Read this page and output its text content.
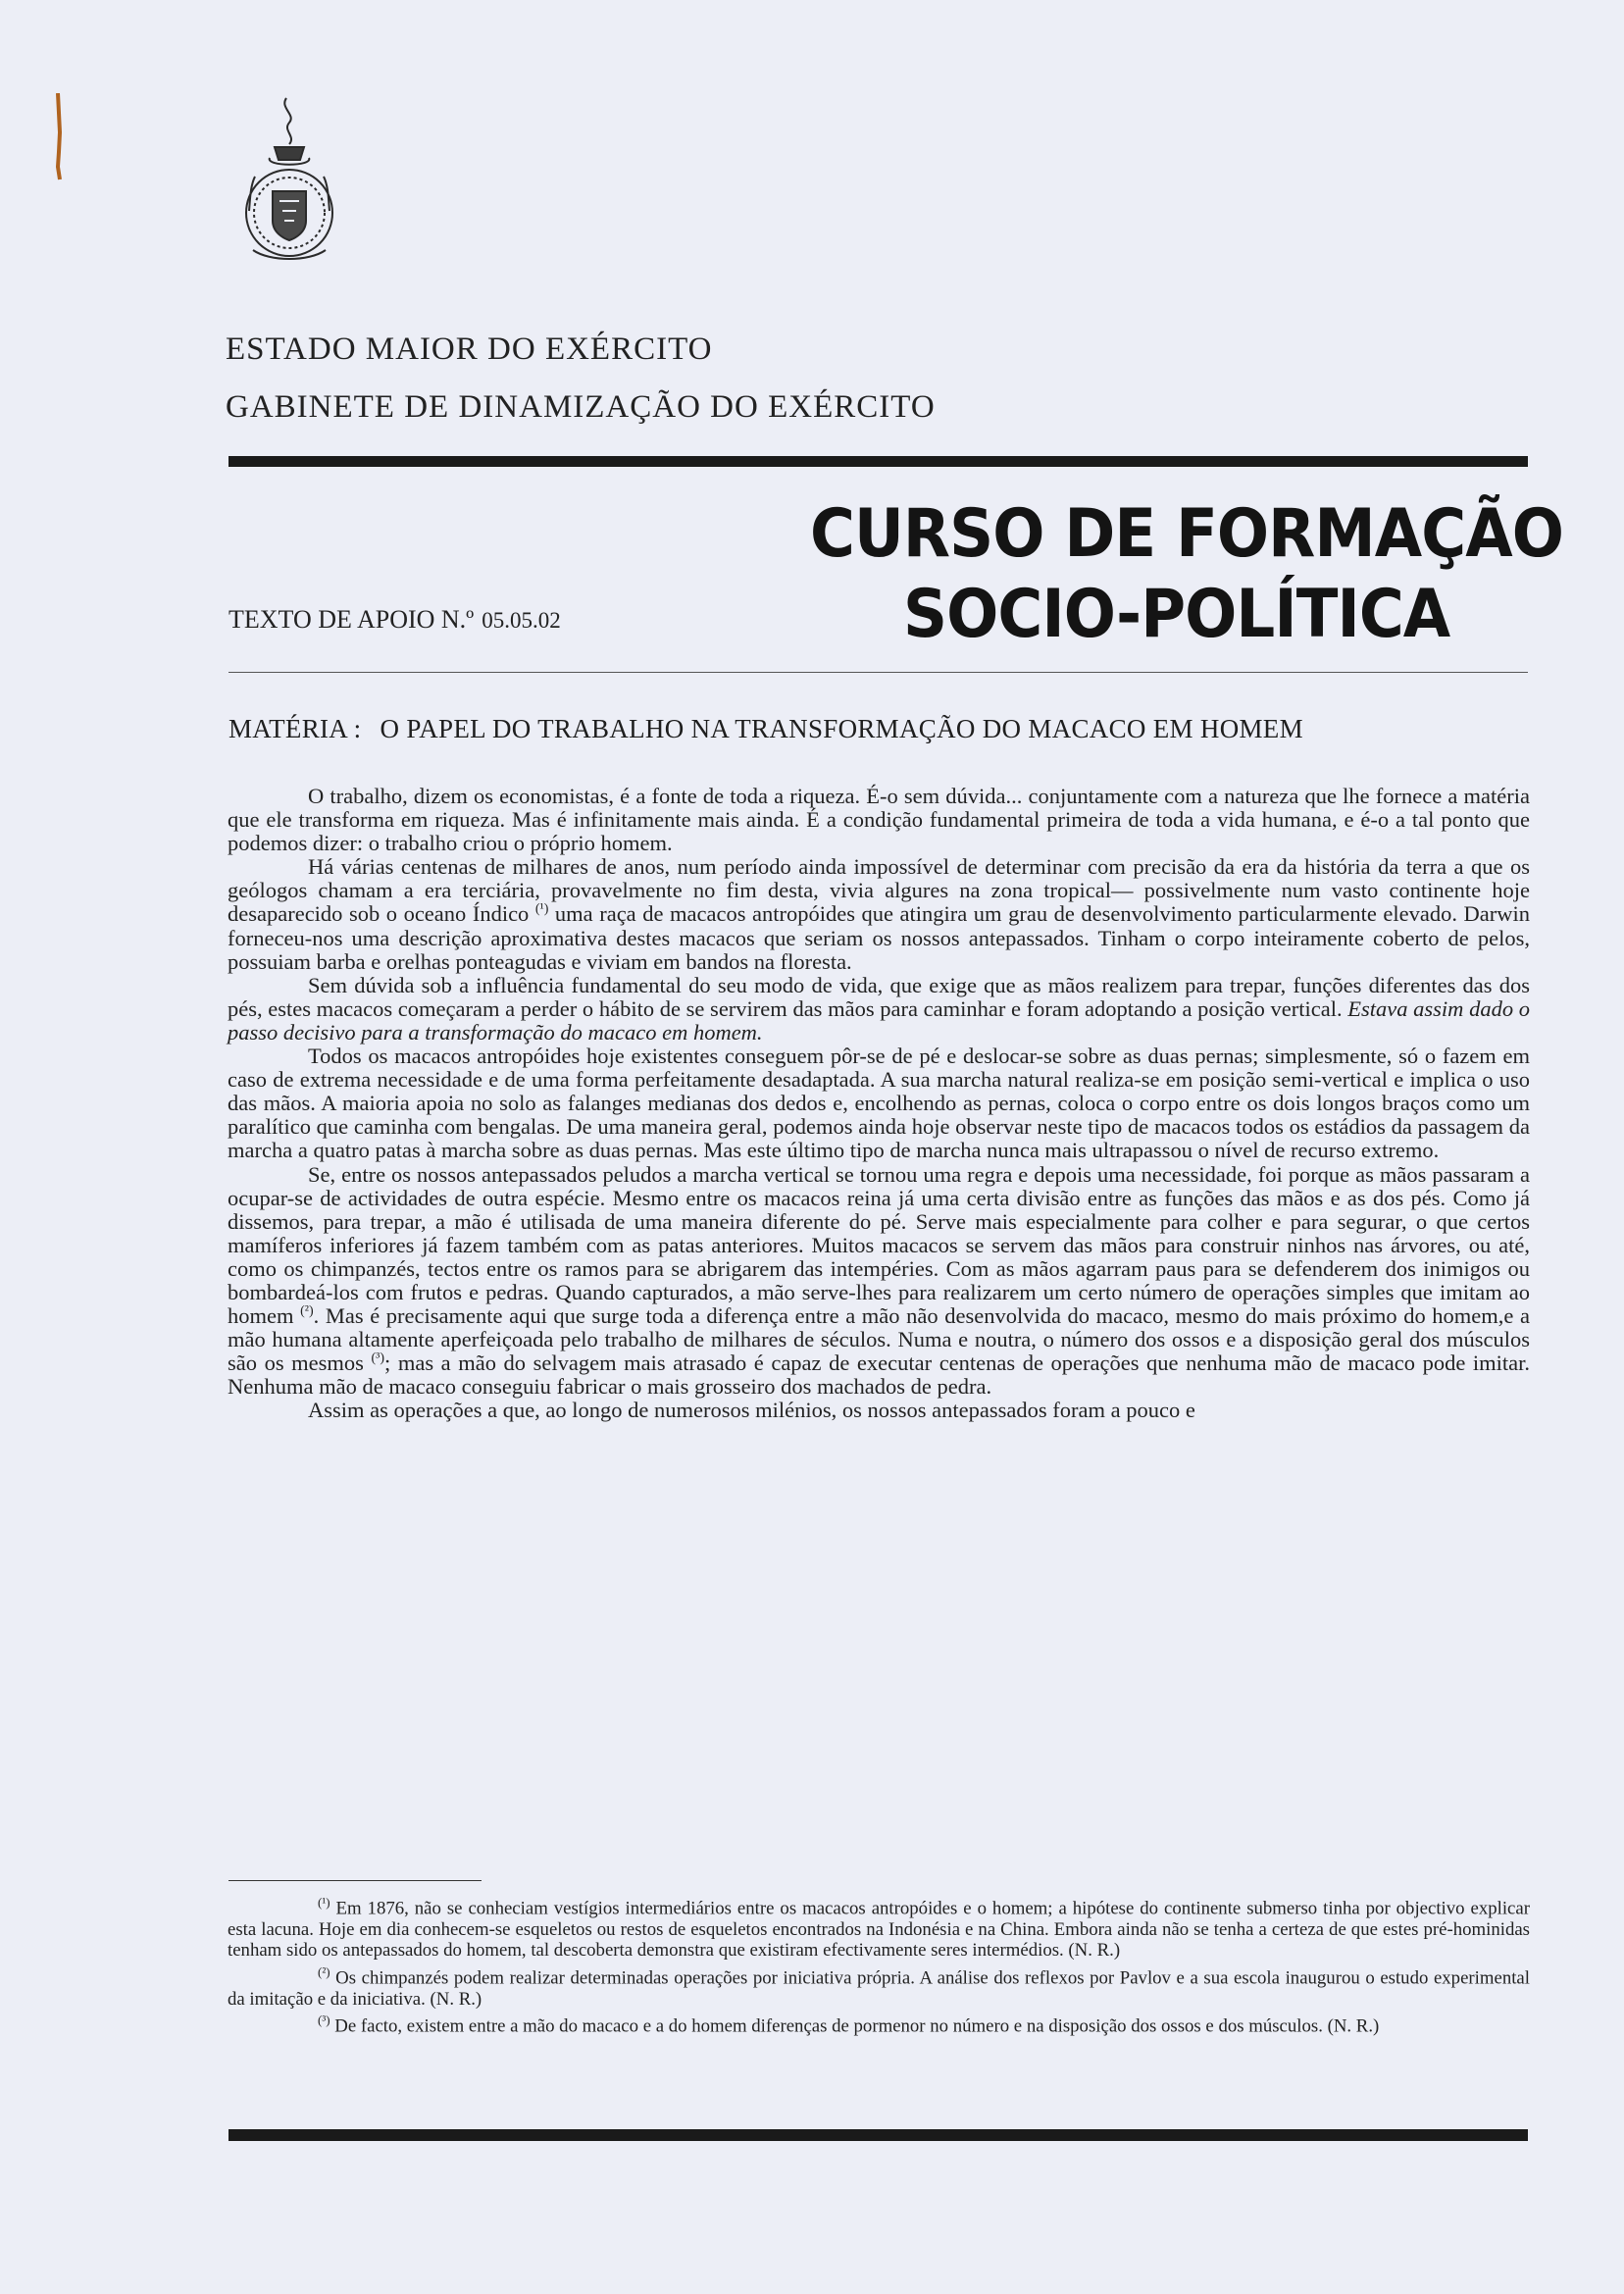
ESTADO MAIOR DO EXÉRCITO
GABINETE DE DINAMIZAÇÃO DO EXÉRCITO
CURSO DE FORMAÇÃO
SOCIO-POLÍTICA
TEXTO DE APOIO N.º 05.05.02
MATÉRIA : O PAPEL DO TRABALHO NA TRANSFORMAÇÃO DO MACACO EM HOMEM

O trabalho, dizem os economistas, é a fonte de toda a riqueza. É-o sem dúvida... conjuntamente com a natureza que lhe fornece a matéria que ele transforma em riqueza. Mas é infinitamente mais ainda. É a condição fundamental primeira de toda a vida humana, e é-o a tal ponto que podemos dizer: o trabalho criou o próprio homem.

Há várias centenas de milhares de anos, num período ainda impossível de determinar com precisão da era da história da terra a que os geólogos chamam a era terciária, provavelmente no fim desta, vivia algures na zona tropical— possivelmente num vasto continente hoje desaparecido sob o oceano Índico $^{(^1)}$ uma raça de macacos antropóides que atingira um grau de desenvolvimento particularmente elevado. Darwin forneceu-nos uma descrição aproximativa destes macacos que seriam os nossos antepassados. Tinham o corpo inteiramente coberto de pelos, possuiam barba e orelhas ponteagudas e viviam em bandos na floresta.

Sem dúvida sob a influência fundamental do seu modo de vida, que exige que as mãos realizem para trepar, funções diferentes das dos pés, estes macacos começaram a perder o hábito de se servirem das mãos para caminhar e foram adoptando a posição vertical. Estava assim dado o passo decisivo para a transformação do macaco em homem.

Todos os macacos antropóides hoje existentes conseguem pôr-se de pé e deslocar-se sobre as duas pernas; simplesmente, só o fazem em caso de extrema necessidade e de uma forma perfeitamente desadaptada. A sua marcha natural realiza-se em posição semi-vertical e implica o uso das mãos. A maioria apoia no solo as falanges medianas dos dedos e, encolhendo as pernas, coloca o corpo entre os dois longos braços como um paralítico que caminha com bengalas. De uma maneira geral, podemos ainda hoje observar neste tipo de macacos todos os estádios da passagem da marcha a quatro patas à marcha sobre as duas pernas. Mas este último tipo de marcha nunca mais ultrapassou o nível de recurso extremo.

Se, entre os nossos antepassados peludos a marcha vertical se tornou uma regra e depois uma necessidade, foi porque as mãos passaram a ocupar-se de actividades de outra espécie. Mesmo entre os macacos reina já uma certa divisão entre as funções das mãos e as dos pés. Como já dissemos, para trepar, a mão é utilisada de uma maneira diferente do pé. Serve mais especialmente para colher e para segurar, o que certos mamíferos inferiores já fazem também com as patas anteriores. Muitos macacos se servem das mãos para construir ninhos nas árvores, ou até, como os chimpanzés, tectos entre os ramos para se abrigarem das intempéries. Com as mãos agarram paus para se defenderem dos inimigos ou bombardeá-los com frutos e pedras. Quando capturados, a mão serve-lhes para realizarem um certo número de operações simples que imitam ao homem $^{(^2)}$. Mas é precisamente aqui que surge toda a diferença entre a mão não desenvolvida do macaco, mesmo do mais próximo do homem,e a mão humana altamente aperfeiçoada pelo trabalho de milhares de séculos. Numa e noutra, o número dos ossos e a disposição geral dos músculos são os mesmos $^{(^3)}$; mas a mão do selvagem mais atrasado é capaz de executar centenas de operações que nenhuma mão de macaco pode imitar. Nenhuma mão de macaco conseguiu fabricar o mais grosseiro dos machados de pedra.

Assim as operações a que, ao longo de numerosos milénios, os nossos antepassados foram a pouco e

$^{(^1)}$ Em 1876, não se conheciam vestígios intermediários entre os macacos antropóides e o homem; a hipótese do continente submerso tinha por objectivo explicar esta lacuna. Hoje em dia conhecem-se esqueletos ou restos de esqueletos encontrados na Indonésia e na China. Embora ainda não se tenha a certeza de que estes pré-hominidas tenham sido os antepassados do homem, tal descoberta demonstra que existiram efectivamente seres intermédios. (N. R.)

$^{(^2)}$ Os chimpanzés podem realizar determinadas operações por iniciativa própria. A análise dos reflexos por Pavlov e a sua escola inaugurou o estudo experimental da imitação e da iniciativa. (N. R.)

$^{(^3)}$ De facto, existem entre a mão do macaco e a do homem diferenças de pormenor no número e na disposição dos ossos e dos músculos. (N. R.)
